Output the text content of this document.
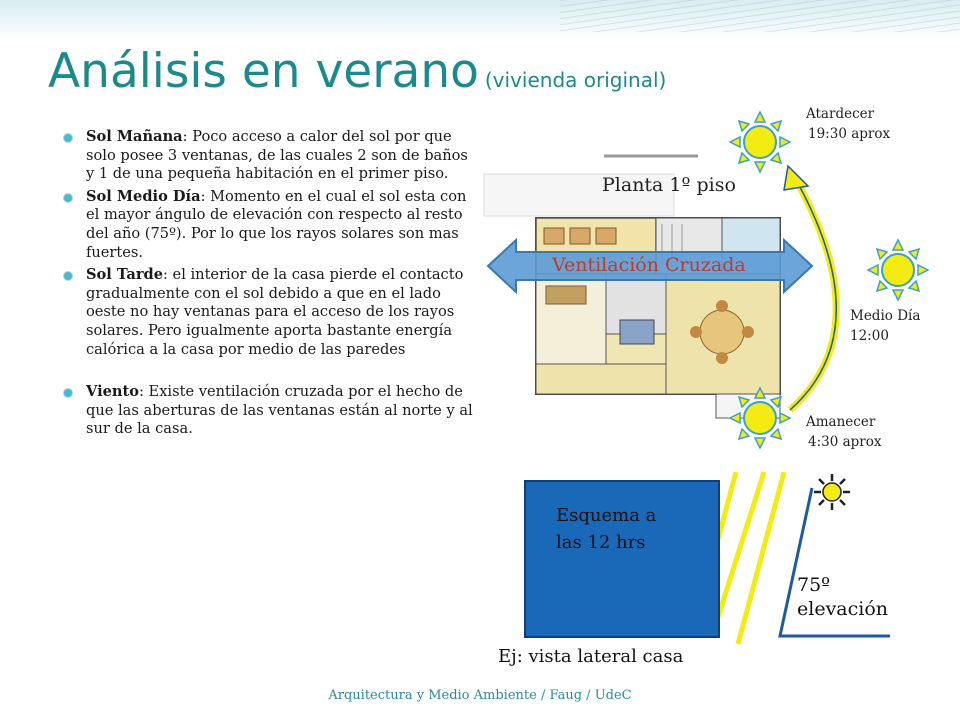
Análisis en verano (vivienda original)
Sol Mañana: Poco acceso a calor del sol por que solo posee 3 ventanas, de las cuales 2 son de baños y 1 de una pequeña habitación en el primer piso.
Sol Medio Día: Momento en el cual el sol esta con el mayor ángulo de elevación con respecto al resto del año (75º). Por lo que los rayos solares son mas fuertes.
Sol Tarde: el interior de la casa pierde el contacto gradualmente con el sol debido a que en el lado oeste no hay ventanas para el acceso de los rayos solares. Pero igualmente aporta bastante energía calórica a la casa por medio de las paredes
Viento: Existe ventilación cruzada por el hecho de que las aberturas de las ventanas están al norte y al sur de la casa.
Planta 1º piso
Ventilación Cruzada
Atardecer
19:30 aprox
Medio Día
12:00
Amanecer
4:30 aprox
Esquema a
las 12 hrs
75º
elevación
Ej: vista lateral casa
Arquitectura y Medio Ambiente / Faug / UdeC
